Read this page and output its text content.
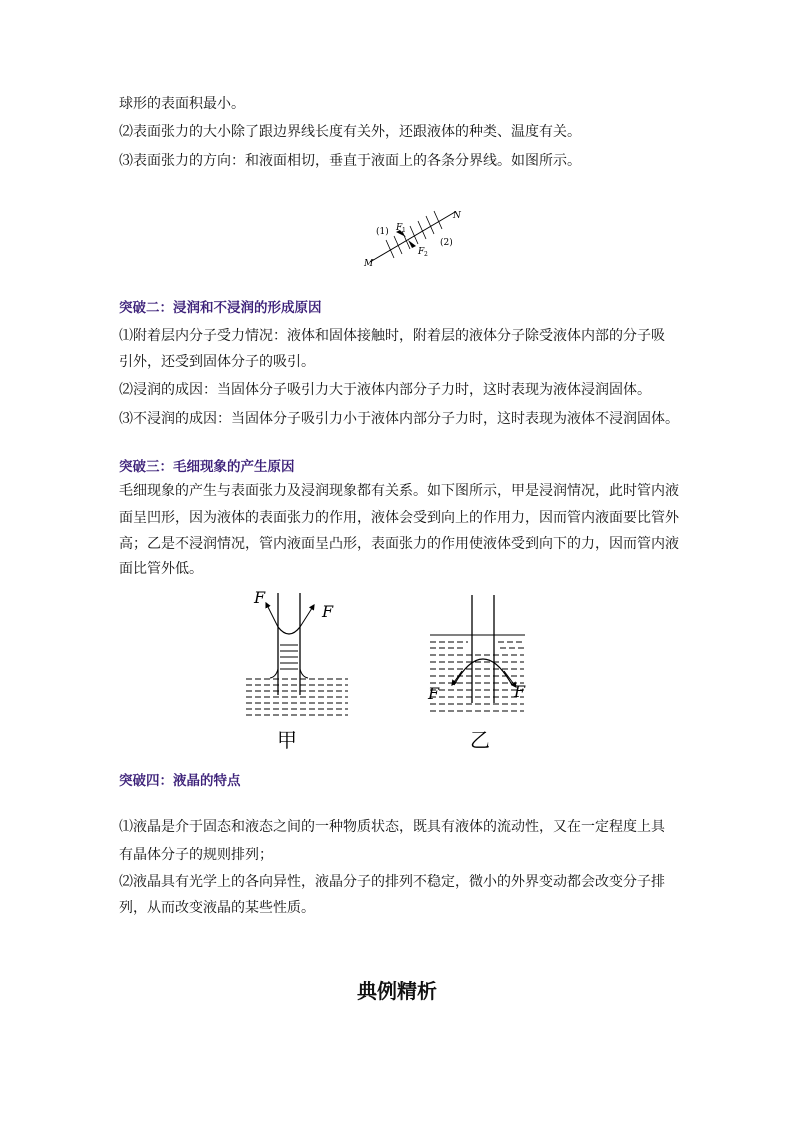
球形的表面积最小。
⑵表面张力的大小除了跟边界线长度有关外，还跟液体的种类、温度有关。
⑶表面张力的方向：和液面相切，垂直于液面上的各条分界线。如图所示。
(1)
(2)
F 1
F 2
M
N
突破二：浸润和不浸润的形成原因
⑴附着层内分子受力情况：液体和固体接触时，附着层的液体分子除受液体内部的分子吸
引外，还受到固体分子的吸引。
⑵浸润的成因：当固体分子吸引力大于液体内部分子力时，这时表现为液体浸润固体。
⑶不浸润的成因：当固体分子吸引力小于液体内部分子力时，这时表现为液体不浸润固体。
突破三：毛细现象的产生原因
毛细现象的产生与表面张力及浸润现象都有关系。如下图所示，甲是浸润情况，此时管内液
面呈凹形，因为液体的表面张力的作用，液体会受到向上的作用力，因而管内液面要比管外
高；乙是不浸润情况，管内液面呈凸形，表面张力的作用使液体受到向下的力，因而管内液
面比管外低。
F
F
甲
F	F
乙
突破四：液晶的特点
⑴液晶是介于固态和液态之间的一种物质状态，既具有液体的流动性，又在一定程度上具
有晶体分子的规则排列；
⑵液晶具有光学上的各向异性，液晶分子的排列不稳定，微小的外界变动都会改变分子排
列，从而改变液晶的某些性质。
典例精析
